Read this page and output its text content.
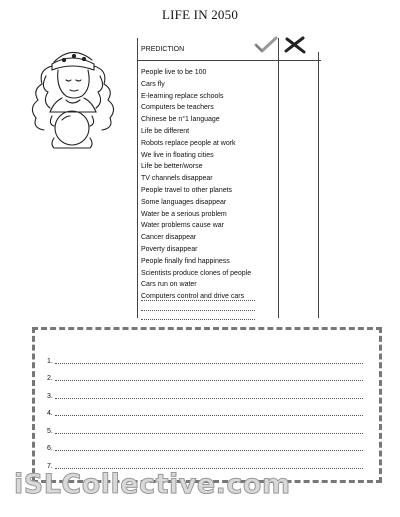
LIFE IN 2050
PREDICTION
People live to be 100
Cars fly
E-learning replace schools
Computers be teachers
Chinese be n°1 language
Life be different
Robots replace people at work
We live in floating cities
Life be better/worse
TV channels disappear
People travel to other planets
Some languages disappear
Water be a serious problem
Water problems cause war
Cancer disappear
Poverty disappear
People finally find happiness
Scientists produce clones of people
Cars run on water
Computers control and drive cars
1.
2.
3.
4.
5.
6.
7.
iSLCollective.com
